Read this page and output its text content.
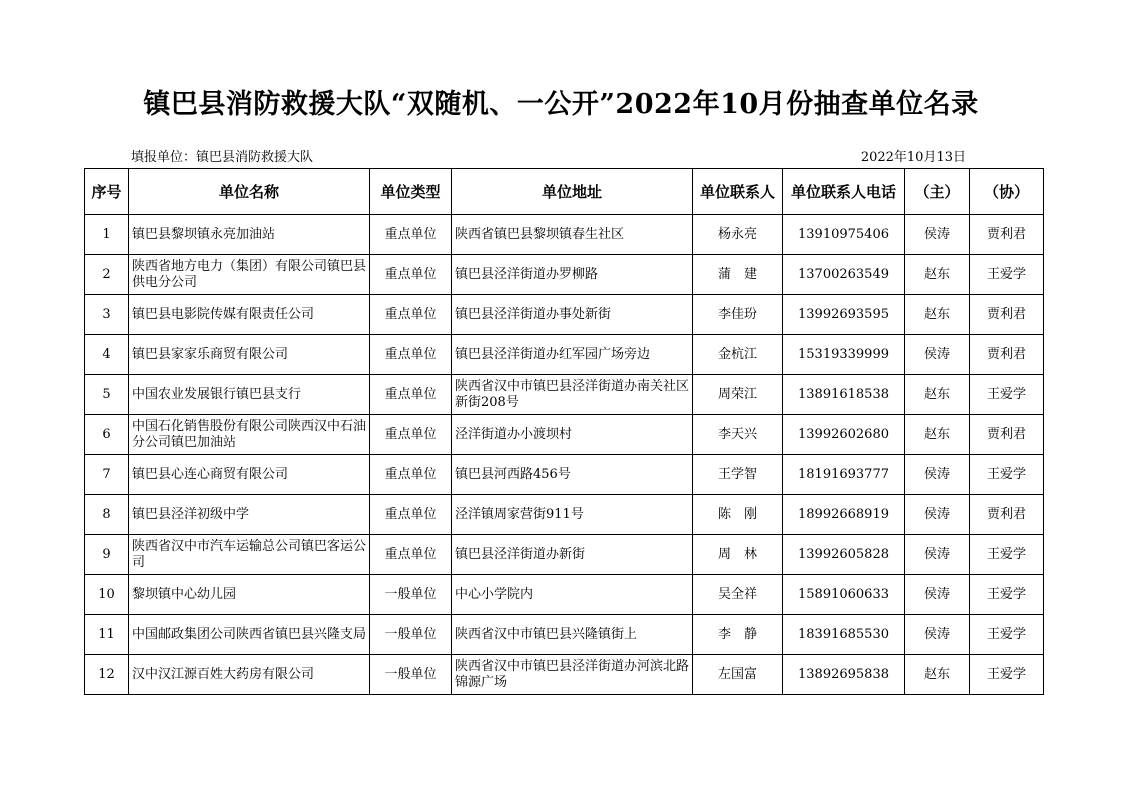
镇巴县消防救援大队“双随机、一公开”2022年10月份抽查单位名录
填报单位：镇巴县消防救援大队	2022年10月13日
序号	单位名称	单位类型	单位地址	单位联系人	单位联系人电话	（主）	（协）
1	镇巴县黎坝镇永亮加油站	重点单位	陕西省镇巴县黎坝镇春生社区	杨永亮	13910975406	侯涛	贾利君
2	陕西省地方电力（集团）有限公司镇巴县供电分公司	重点单位	镇巴县泾洋街道办罗柳路	蒲　建	13700263549	赵东	王爱学
3	镇巴县电影院传媒有限责任公司	重点单位	镇巴县泾洋街道办事处新街	李佳玢	13992693595	赵东	贾利君
4	镇巴县家家乐商贸有限公司	重点单位	镇巴县泾洋街道办红军园广场旁边	金杭江	15319339999	侯涛	贾利君
5	中国农业发展银行镇巴县支行	重点单位	陕西省汉中市镇巴县泾洋街道办南关社区新街208号	周荣江	13891618538	赵东	王爱学
6	中国石化销售股份有限公司陕西汉中石油分公司镇巴加油站	重点单位	泾洋街道办小渡坝村	李天兴	13992602680	赵东	贾利君
7	镇巴县心连心商贸有限公司	重点单位	镇巴县河西路456号	王学智	18191693777	侯涛	王爱学
8	镇巴县泾洋初级中学	重点单位	泾洋镇周家营街911号	陈　刚	18992668919	侯涛	贾利君
9	陕西省汉中市汽车运输总公司镇巴客运公司	重点单位	镇巴县泾洋街道办新街	周　林	13992605828	侯涛	王爱学
10	黎坝镇中心幼儿园	一般单位	中心小学院内	吴全祥	15891060633	侯涛	王爱学
11	中国邮政集团公司陕西省镇巴县兴隆支局	一般单位	陕西省汉中市镇巴县兴隆镇街上	李　静	18391685530	侯涛	王爱学
12	汉中汉江源百姓大药房有限公司	一般单位	陕西省汉中市镇巴县泾洋街道办河滨北路锦源广场	左国富	13892695838	赵东	王爱学
